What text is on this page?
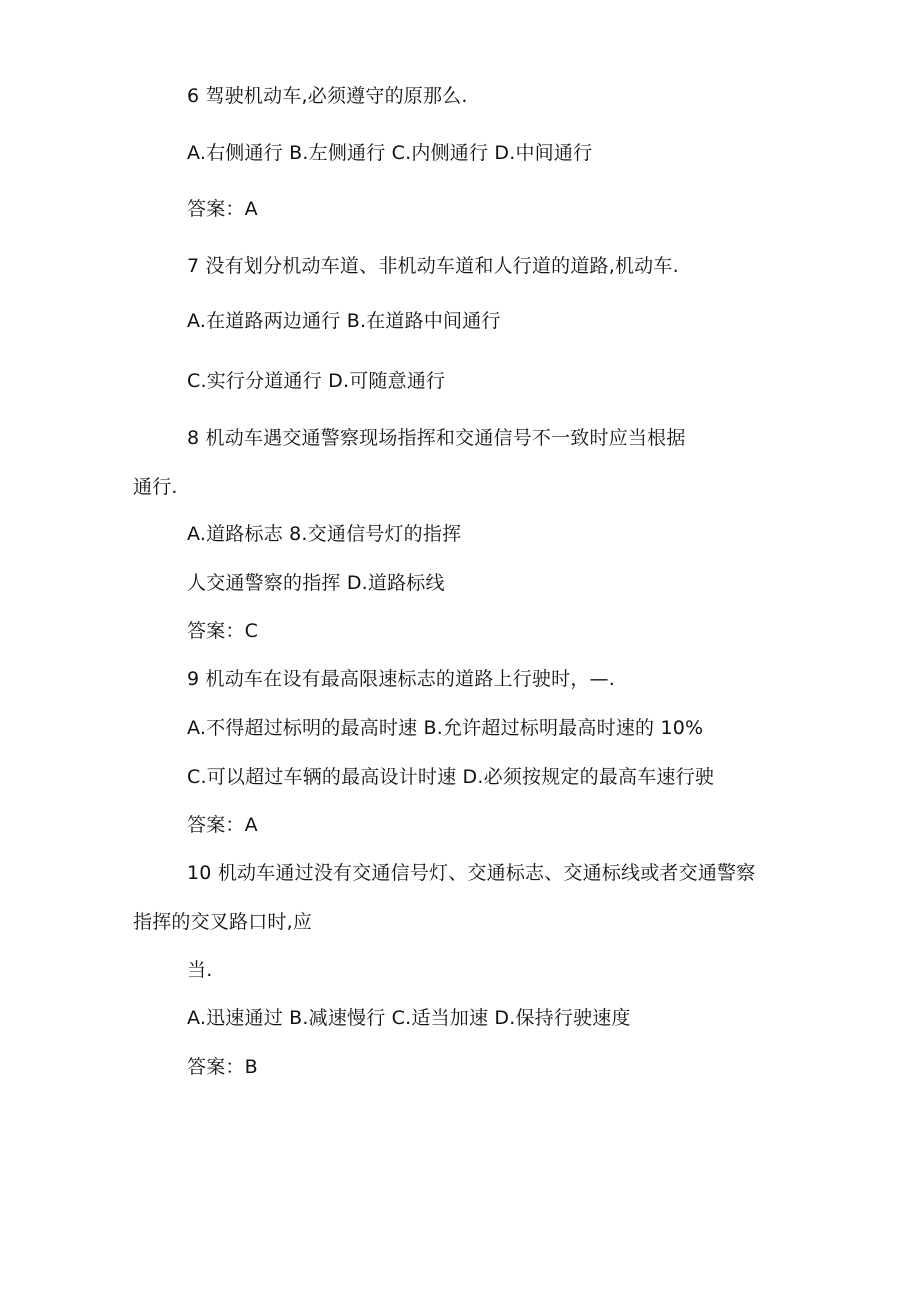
6 驾驶机动车,必须遵守的原那么.

A.右侧通行 B.左侧通行 C.内侧通行 D.中间通行

答案：A

7 没有划分机动车道、非机动车道和人行道的道路,机动车.

A.在道路两边通行 B.在道路中间通行

C.实行分道通行 D.可随意通行

8 机动车遇交通警察现场指挥和交通信号不一致时应当根据

通行.

A.道路标志 8.交通信号灯的指挥

人交通警察的指挥 D.道路标线

答案：C

9 机动车在设有最高限速标志的道路上行驶时，—.

A.不得超过标明的最高时速 B.允许超过标明最高时速的 10%

C.可以超过车辆的最高设计时速 D.必须按规定的最高车速行驶

答案：A

10 机动车通过没有交通信号灯、交通标志、交通标线或者交通警察

指挥的交叉路口时,应

当.

A.迅速通过 B.减速慢行 C.适当加速 D.保持行驶速度

答案：B
